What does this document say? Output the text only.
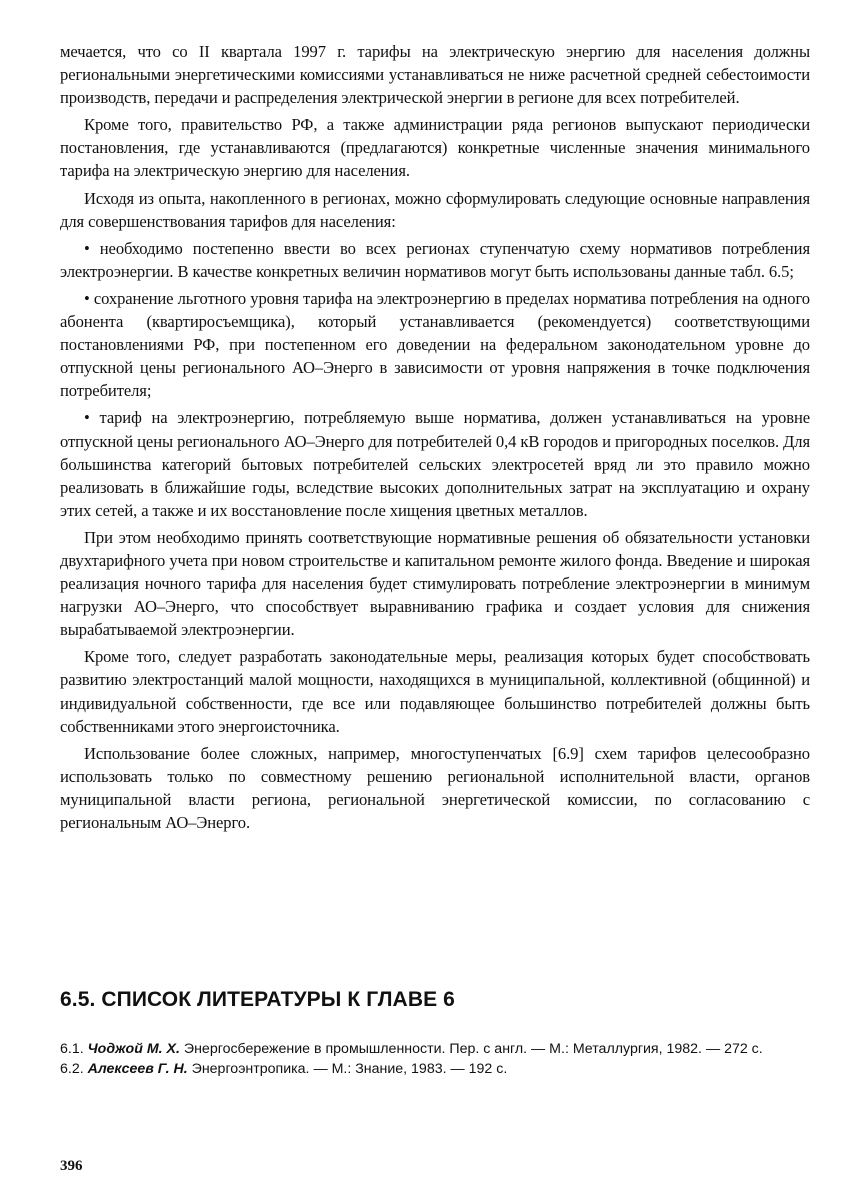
мечается, что со II квартала 1997 г. тарифы на электрическую энергию для населения должны региональными энергетическими комиссиями устанавливаться не ниже расчетной средней себестоимости производств, передачи и распределения электрической энергии в регионе для всех потребителей.

Кроме того, правительство РФ, а также администрации ряда регионов выпускают периодически постановления, где устанавливаются (предлагаются) конкретные численные значения минимального тарифа на электрическую энергию для населения.

Исходя из опыта, накопленного в регионах, можно сформулировать следующие основные направления для совершенствования тарифов для населения:

• необходимо постепенно ввести во всех регионах ступенчатую схему нормативов потребления электроэнергии. В качестве конкретных величин нормативов могут быть использованы данные табл. 6.5;

• сохранение льготного уровня тарифа на электроэнергию в пределах норматива потребления на одного абонента (квартиросъемщика), который устанавливается (рекомендуется) соответствующими постановлениями РФ, при постепенном его доведении на федеральном законодательном уровне до отпускной цены регионального АО–Энерго в зависимости от уровня напряжения в точке подключения потребителя;

• тариф на электроэнергию, потребляемую выше норматива, должен устанавливаться на уровне отпускной цены регионального АО–Энерго для потребителей 0,4 кВ городов и пригородных поселков. Для большинства категорий бытовых потребителей сельских электросетей вряд ли это правило можно реализовать в ближайшие годы, вследствие высоких дополнительных затрат на эксплуатацию и охрану этих сетей, а также и их восстановление после хищения цветных металлов.

При этом необходимо принять соответствующие нормативные решения об обязательности установки двухтарифного учета при новом строительстве и капитальном ремонте жилого фонда. Введение и широкая реализация ночного тарифа для населения будет стимулировать потребление электроэнергии в минимум нагрузки АО–Энерго, что способствует выравниванию графика и создает условия для снижения вырабатываемой электроэнергии.

Кроме того, следует разработать законодательные меры, реализация которых будет способствовать развитию электростанций малой мощности, находящихся в муниципальной, коллективной (общинной) и индивидуальной собственности, где все или подавляющее большинство потребителей должны быть собственниками этого энергоисточника.

Использование более сложных, например, многоступенчатых [6.9] схем тарифов целесообразно использовать только по совместному решению региональной исполнительной власти, органов муниципальной власти региона, региональной энергетической комиссии, по согласованию с региональным АО–Энерго.

6.5. СПИСОК ЛИТЕРАТУРЫ К ГЛАВЕ 6

6.1. Чоджой М. Х. Энергосбережение в промышленности. Пер. с англ. — М.: Металлургия, 1982. — 272 с.

6.2. Алексеев Г. Н. Энергоэнтропика. — М.: Знание, 1983. — 192 с.

396
